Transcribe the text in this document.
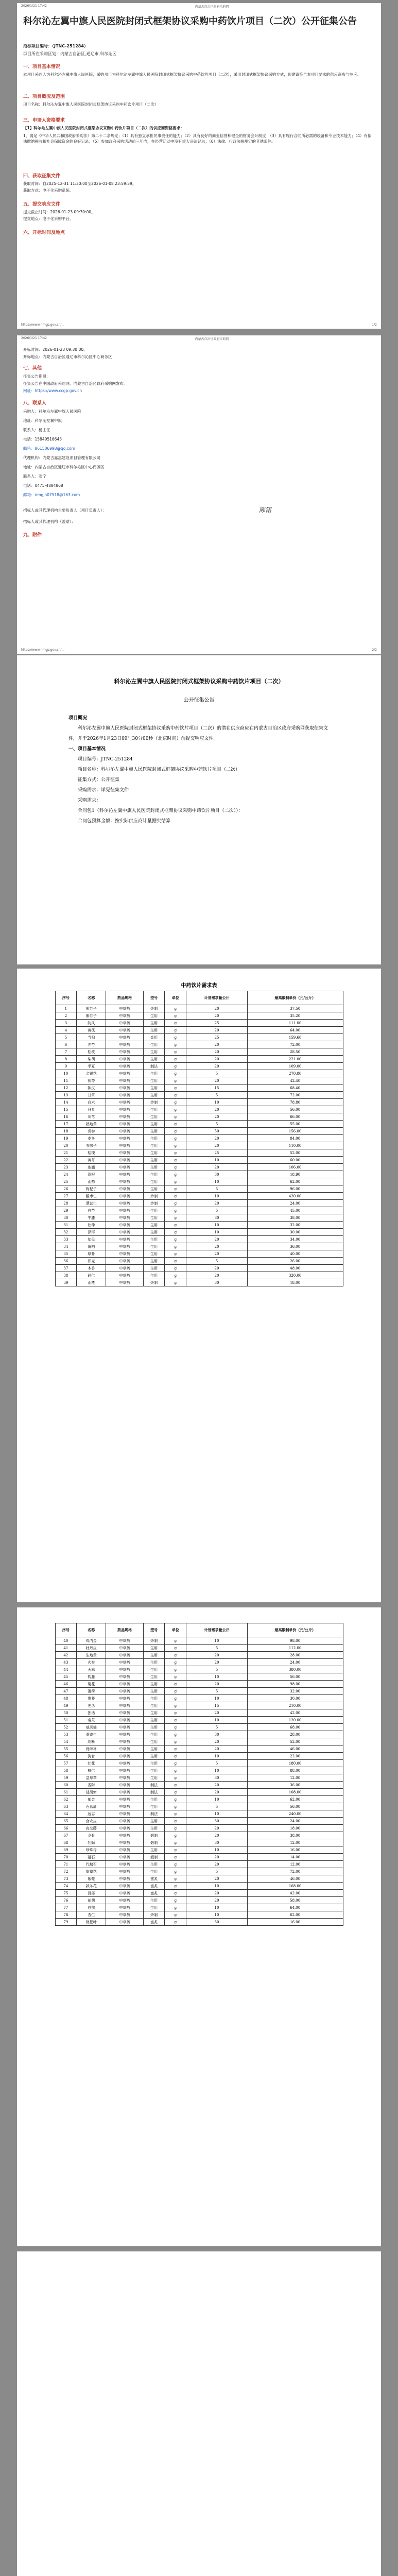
2026/1/21 17:42	内蒙古自治区政府采购网
科尔沁左翼中旗人民医院封闭式框架协议采购中药饮片项目（二次）公开征集公告
招标项目编号：（JTNC-251284）
项目所在采购区划：内蒙古自治区,通辽市,科尔沁区
一、项目基本情况
本项目采购人为科尔沁左翼中旗人民医院，采购项目为科尔沁左翼中旗人民医院封闭式框架协议采购中药饮片项目（二次），采用封闭式框架协议采购方式，现邀请符合本项目要求的供应商参与响应。
二、项目概况及范围
项目名称：科尔沁左翼中旗人民医院封闭式框架协议采购中药饮片项目（二次）
三、申请人资格要求
【1】科尔沁左翼中旗人民医院封闭式框架协议采购中药饮片项目（二次）的供应商资格要求：
1、满足《中华人民共和国政府采购法》第二十二条规定；（1）具有独立承担民事责任的能力；（2）具有良好的商业信誉和健全的财务会计制度；（3）具有履行合同所必需的设备和专业技术能力；（4）有依法缴纳税收和社会保障资金的良好记录；（5）参加政府采购活动前三年内，在经营活动中没有重大违法记录；（6）法律、行政法规规定的其他条件。
四、获取征集文件
获取时间：自2025-12-31 11:30:00至2026-01-08 23:59:59。
获取方式：电子化采购系统。
五、提交响应文件
提交截止时间：2026-01-23 09:30:00。
提交地点：电子化采购平台。
六、开标时间及地点
https://www.nmgp.gov.cn/...	1/2
2026/1/21 17:42	内蒙古自治区政府采购网
开标时间：2026-01-23 09:30:00。
开标地点：内蒙古自治区通辽市科尔沁区中心商务区
七、其他
征集公告期限：
征集公告在中国政府采购网、内蒙古自治区政府采购网发布。
网址：https://www.ccgp.gov.cn
八、联系人
采购人：科尔沁左翼中旗人民医院
地址：科尔沁左翼中旗
联系人：杨主任
电话：15849516643
邮箱：861506998@qq.com
代理机构：内蒙古嘉惠建设项目管理有限公司
地址：内蒙古自治区通辽市科尔沁区中心商务区
联系人：张宁
电话：0475-4884868
邮箱：nmgjh07518@163.com
招标人或其代理机构主要负责人（项目负责人）：	陈铭
招标人或其代理机构（盖章）：
九、附件
https://www.nmgp.gov.cn/...	2/2
科尔沁左翼中旗人民医院封闭式框架协议采购中药饮片项目（二次）
公开征集公告
项目概况
科尔沁左翼中旗人民医院封闭式框架协议采购中药饮片项目（二次）的潜在供应商应在内蒙古自治区政府采购网获取征集文件，并于2026年1月23日09时30分00秒（北京时间）前提交响应文件。
一、项目基本情况
项目编号：JTNC-251284
项目名称：科尔沁左翼中旗人民医院封闭式框架协议采购中药饮片项目（二次）
征集方式：公开征集
采购需求：详见征集文件
采购需求：
合同包1（科尔沁左翼中旗人民医院封闭式框架协议采购中药饮片项目（二次））：
合同包预算金额：按实际供应商计量据实结算
中药饮片需求表
序号	名称	药品规格	型号	单位	计划需求量公斤	最高限制单价（元/公斤）
1	紫苏子	中草药	炒制	g	20	37.50
2	紫苏子	中草药	生用	g	20	35.20
3	防风	中草药	生用	g	25	111.00
4	黄芪	中草药	生用	g	20	64.00
5	当归	中草药	炙用	g	25	159.60
6	赤芍	中草药	生用	g	20	72.00
7	桂枝	中草药	生用	g	20	28.50
8	柴胡	中草药	生用	g	20	221.00
9	半夏	中草药	制法	g	20	109.00
10	金银花	中草药	生用	g	5	270.80
11	茯苓	中草药	生用	g	20	42.40
12	陈皮	中草药	生用	g	15	68.40
13	甘草	中草药	生用	g	5	72.00
14	白术	中草药	炒制	g	10	78.80
15	丹参	中草药	生用	g	20	56.00
16	川芎	中草药	生用	g	20	66.00
17	熟地黄	中草药	生用	g	5	55.00
18	党参	中草药	生用	g	50	156.00
19	麦冬	中草药	生用	g	20	84.00
20	五味子	中草药	生用	g	20	110.00
21	桔梗	中草药	生用	g	25	52.00
22	黄芩	中草药	生用	g	10	60.00
23	连翘	中草药	生用	g	20	106.00
24	葛根	中草药	生用	g	30	18.90
25	山药	中草药	生用	g	10	62.00
26	枸杞子	中草药	生用	g	5	96.00
27	酸枣仁	中草药	炒制	g	10	420.00
28	薏苡仁	中草药	炒制	g	20	24.00
29	白芍	中草药	生用	g	5	45.00
30	牛膝	中草药	生用	g	30	38.00
31	杜仲	中草药	生用	g	10	32.00
32	泽泻	中草药	生用	g	10	30.00
33	知母	中草药	生用	g	20	34.00
34	黄柏	中草药	生用	g	20	36.00
35	厚朴	中草药	生用	g	20	40.00
36	枳壳	中草药	生用	g	5	26.00
37	木香	中草药	生用	g	20	48.00
38	砂仁	中草药	生用	g	20	320.00
39	山楂	中草药	炒制	g	30	18.00
序号	名称	药品规格	型号	单位	计划需求量公斤	最高限制单价（元/公斤）
40	鸡内金	中草药	炒制	g	10	98.00
41	牡丹皮	中草药	生用	g	5	112.00
42	生地黄	中草药	生用	g	20	28.00
43	玄参	中草药	生用	g	20	24.00
44	天麻	中草药	生用	g	5	380.00
45	钩藤	中草药	生用	g	10	56.00
46	菊花	中草药	生用	g	20	98.00
47	薄荷	中草药	生用	g	5	32.00
48	荆芥	中草药	生用	g	10	30.00
49	羌活	中草药	生用	g	15	210.00
50	独活	中草药	生用	g	20	42.00
51	秦艽	中草药	生用	g	10	120.00
52	威灵仙	中草药	生用	g	5	68.00
53	桑寄生	中草药	生用	g	30	28.00
54	续断	中草药	生用	g	20	52.00
55	骨碎补	中草药	生用	g	20	46.00
56	狗脊	中草药	生用	g	10	22.00
57	红花	中草药	生用	g	5	180.00
58	桃仁	中草药	生用	g	10	88.00
59	益母草	中草药	生用	g	30	12.00
60	香附	中草药	制法	g	20	36.00
61	延胡索	中草药	制法	g	20	108.00
62	郁金	中草药	生用	g	10	62.00
63	石菖蒲	中草药	生用	g	5	56.00
64	远志	中草药	制法	g	10	240.00
65	合欢皮	中草药	生用	g	30	24.00
66	夜交藤	中草药	生用	g	20	18.00
67	龙骨	中草药	煅制	g	20	38.00
68	牡蛎	中草药	煅制	g	30	12.00
69	珍珠母	中草药	生用	g	10	16.00
70	磁石	中草药	煅制	g	20	14.00
71	代赭石	中草药	生用	g	20	12.00
72	旋覆花	中草药	生用	g	5	72.00
73	紫菀	中草药	蜜炙	g	20	46.00
74	款冬花	中草药	蜜炙	g	10	168.00
75	百部	中草药	蜜炙	g	20	42.00
76	前胡	中草药	生用	g	20	58.00
77	白前	中草药	生用	g	10	64.00
78	杏仁	中草药	炒制	g	10	62.00
79	枇杷叶	中草药	蜜炙	g	30	16.00
